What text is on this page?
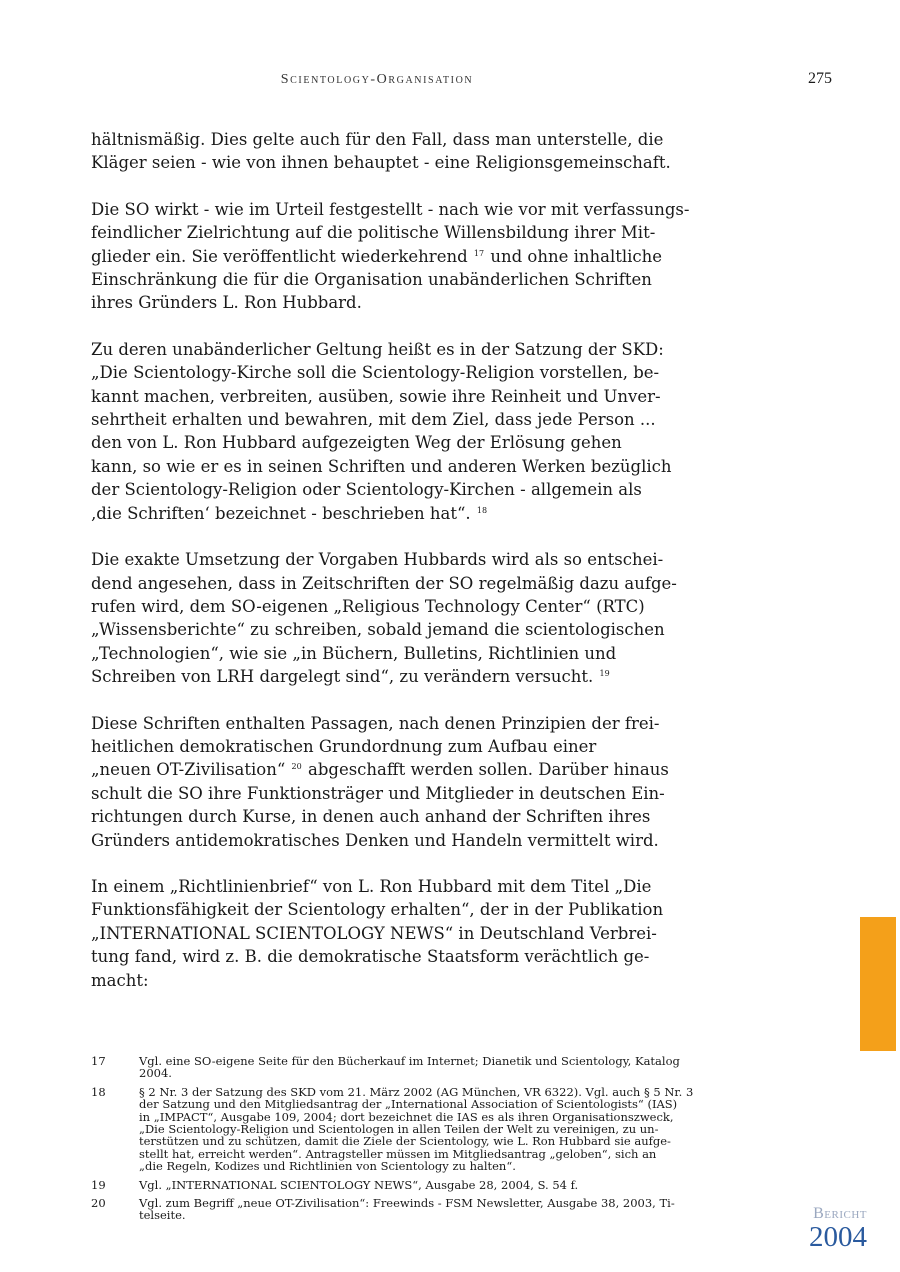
Scientology-Organisation	275

hältnismäßig. Dies gelte auch für den Fall, dass man unterstelle, die
Kläger seien - wie von ihnen behauptet - eine Religionsgemeinschaft.

Die SO wirkt - wie im Urteil festgestellt - nach wie vor mit verfassungs-
feindlicher Zielrichtung auf die politische Willensbildung ihrer Mit-
glieder ein. Sie veröffentlicht wiederkehrend $^{17}$ und ohne inhaltliche
Einschränkung die für die Organisation unabänderlichen Schriften
ihres Gründers L. Ron Hubbard.

Zu deren unabänderlicher Geltung heißt es in der Satzung der SKD:
„Die Scientology-Kirche soll die Scientology-Religion vorstellen, be-
kannt machen, verbreiten, ausüben, sowie ihre Reinheit und Unver-
sehrtheit erhalten und bewahren, mit dem Ziel, dass jede Person ...
den von L. Ron Hubbard aufgezeigten Weg der Erlösung gehen
kann, so wie er es in seinen Schriften und anderen Werken bezüglich
der Scientology-Religion oder Scientology-Kirchen - allgemein als
‚die Schriften‘ bezeichnet - beschrieben hat“. $^{18}$

Die exakte Umsetzung der Vorgaben Hubbards wird als so entschei-
dend angesehen, dass in Zeitschriften der SO regelmäßig dazu aufge-
rufen wird, dem SO-eigenen „Religious Technology Center“ (RTC)
„Wissensberichte“ zu schreiben, sobald jemand die scientologischen
„Technologien“, wie sie „in Büchern, Bulletins, Richtlinien und
Schreiben von LRH dargelegt sind“, zu verändern versucht. $^{19}$

Diese Schriften enthalten Passagen, nach denen Prinzipien der frei-
heitlichen demokratischen Grundordnung zum Aufbau einer
„neuen OT-Zivilisation“ $^{20}$ abgeschafft werden sollen. Darüber hinaus
schult die SO ihre Funktionsträger und Mitglieder in deutschen Ein-
richtungen durch Kurse, in denen auch anhand der Schriften ihres
Gründers antidemokratisches Denken und Handeln vermittelt wird.

In einem „Richtlinienbrief“ von L. Ron Hubbard mit dem Titel „Die
Funktionsfähigkeit der Scientology erhalten“, der in der Publikation
„INTERNATIONAL SCIENTOLOGY NEWS“ in Deutschland Verbrei-
tung fand, wird z. B. die demokratische Staatsform verächtlich ge-
macht:

17	Vgl. eine SO-eigene Seite für den Bücherkauf im Internet; Dianetik und Scientology, Katalog
2004.
18	§ 2 Nr. 3 der Satzung des SKD vom 21. März 2002 (AG München, VR 6322). Vgl. auch § 5 Nr. 3
der Satzung und den Mitgliedsantrag der „International Association of Scientologists“ (IAS)
in „IMPACT“, Ausgabe 109, 2004; dort bezeichnet die IAS es als ihren Organisationszweck,
„Die Scientology-Religion und Scientologen in allen Teilen der Welt zu vereinigen, zu un-
terstützen und zu schützen, damit die Ziele der Scientology, wie L. Ron Hubbard sie aufge-
stellt hat, erreicht werden“. Antragsteller müssen im Mitgliedsantrag „geloben“, sich an
„die Regeln, Kodizes und Richtlinien von Scientology zu halten“.
19	Vgl. „INTERNATIONAL SCIENTOLOGY NEWS“, Ausgabe 28, 2004, S. 54 f.
20	Vgl. zum Begriff „neue OT-Zivilisation“: Freewinds - FSM Newsletter, Ausgabe 38, 2003, Ti-
telseite.	Bericht
2004
